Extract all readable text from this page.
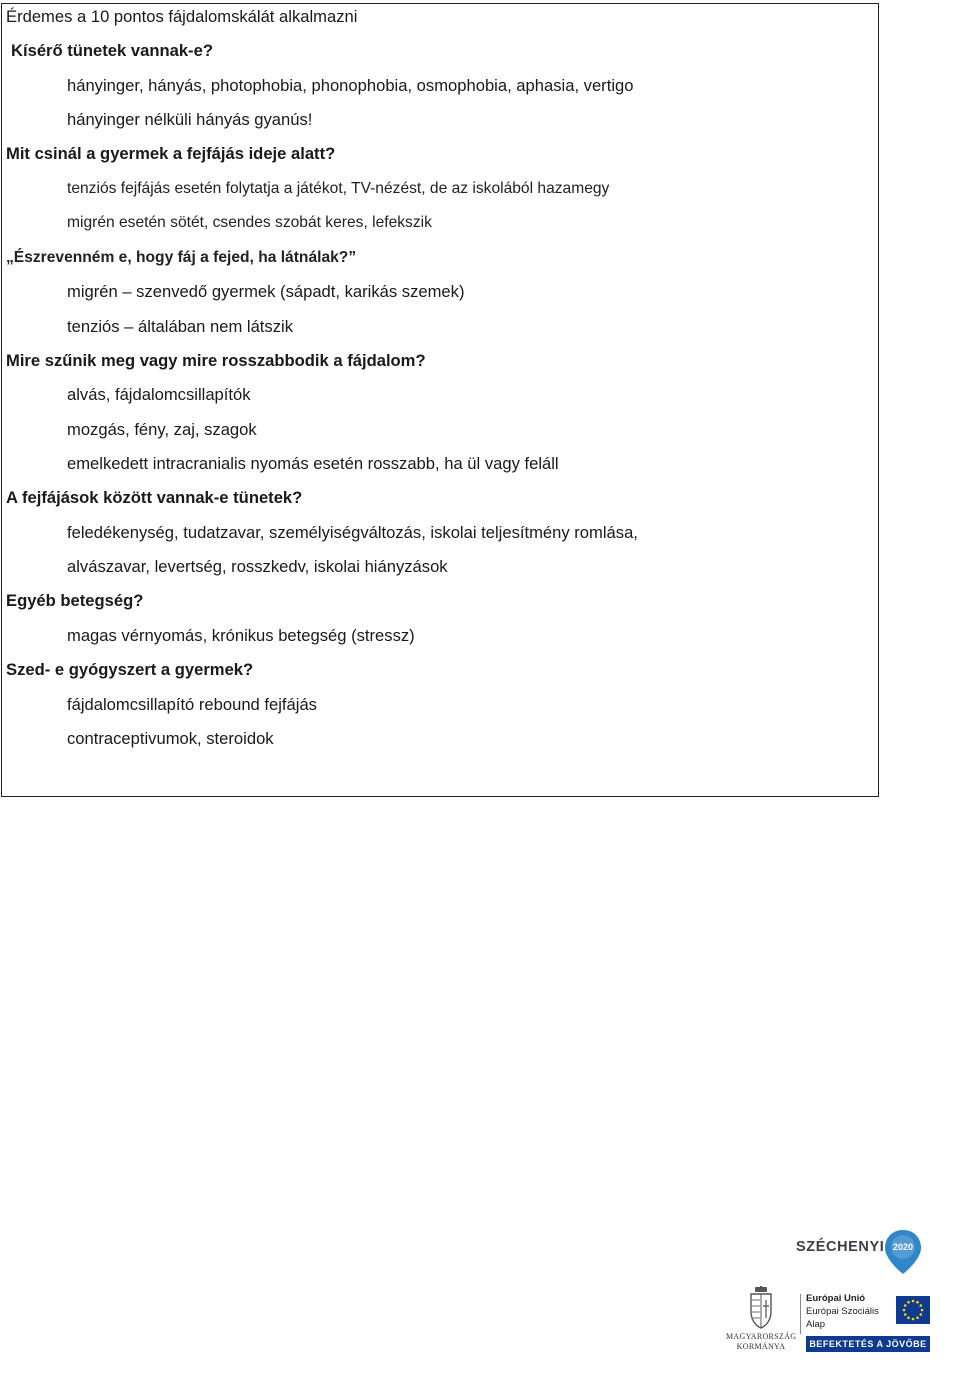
Érdemes a 10 pontos fájdalomskálát alkalmazni
Kísérő tünetek vannak-e?
hányinger, hányás, photophobia, phonophobia, osmophobia, aphasia, vertigo
hányinger nélküli hányás gyanús!
Mit csinál a gyermek a fejfájás ideje alatt?
tenziós fejfájás esetén folytatja a játékot, TV-nézést, de az iskolából hazamegy
migrén esetén sötét, csendes szobát keres, lefekszik
„Észrevenném e, hogy fáj a fejed, ha látnálak?”
migrén – szenvedő gyermek (sápadt, karikás szemek)
tenziós – általában nem látszik
Mire szűnik meg vagy mire rosszabbodik a fájdalom?
alvás, fájdalomcsillapítók
mozgás, fény, zaj, szagok
emelkedett intracranialis nyomás esetén rosszabb, ha ül vagy feláll
A fejfájások között vannak-e tünetek?
feledékenység, tudatzavar, személyiségváltozás, iskolai teljesítmény romlása,
alvászavar, levertség, rosszkedv, iskolai hiányzások
Egyéb betegség?
magas vérnyomás, krónikus betegség (stressz)
Szed- e gyógyszert a gyermek?
fájdalomcsillapító rebound fejfájás
contraceptivumok, steroidok
SZÉCHENYI 2020
MAGYARORSZÁG
KORMÁNYA
Európai Unió
Európai Szociális
Alap
BEFEKTETÉS A JÖVŐBE
